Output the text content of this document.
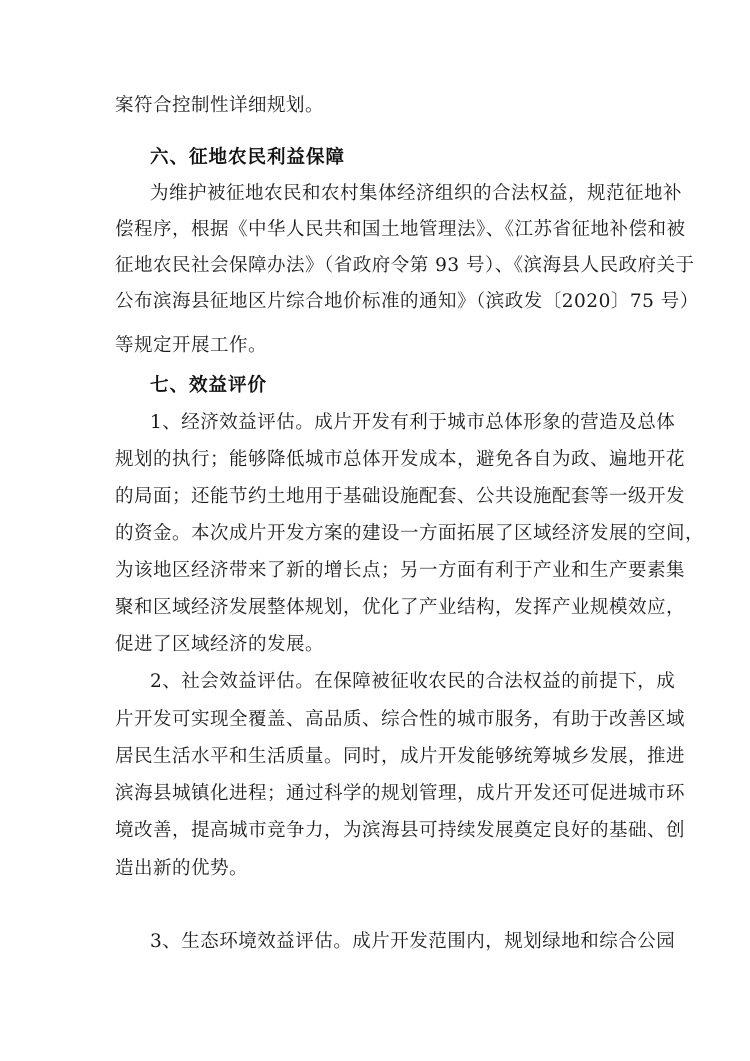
案符合控制性详细规划。
六、征地农民利益保障
为维护被征地农民和农村集体经济组织的合法权益，规范征地补
偿程序，根据《中华人民共和国土地管理法》、《江苏省征地补偿和被
征地农民社会保障办法》（省政府令第 93 号）、《滨海县人民政府关于
公布滨海县征地区片综合地价标准的通知》（滨政发〔2020〕75 号）
等规定开展工作。
七、效益评价
1、经济效益评估。成片开发有利于城市总体形象的营造及总体
规划的执行；能够降低城市总体开发成本，避免各自为政、遍地开花
的局面；还能节约土地用于基础设施配套、公共设施配套等一级开发
的资金。本次成片开发方案的建设一方面拓展了区域经济发展的空间，
为该地区经济带来了新的增长点；另一方面有利于产业和生产要素集
聚和区域经济发展整体规划，优化了产业结构，发挥产业规模效应，
促进了区域经济的发展。
2、社会效益评估。在保障被征收农民的合法权益的前提下，成
片开发可实现全覆盖、高品质、综合性的城市服务，有助于改善区域
居民生活水平和生活质量。同时，成片开发能够统筹城乡发展，推进
滨海县城镇化进程；通过科学的规划管理，成片开发还可促进城市环
境改善，提高城市竞争力，为滨海县可持续发展奠定良好的基础、创
造出新的优势。
3、生态环境效益评估。成片开发范围内，规划绿地和综合公园
